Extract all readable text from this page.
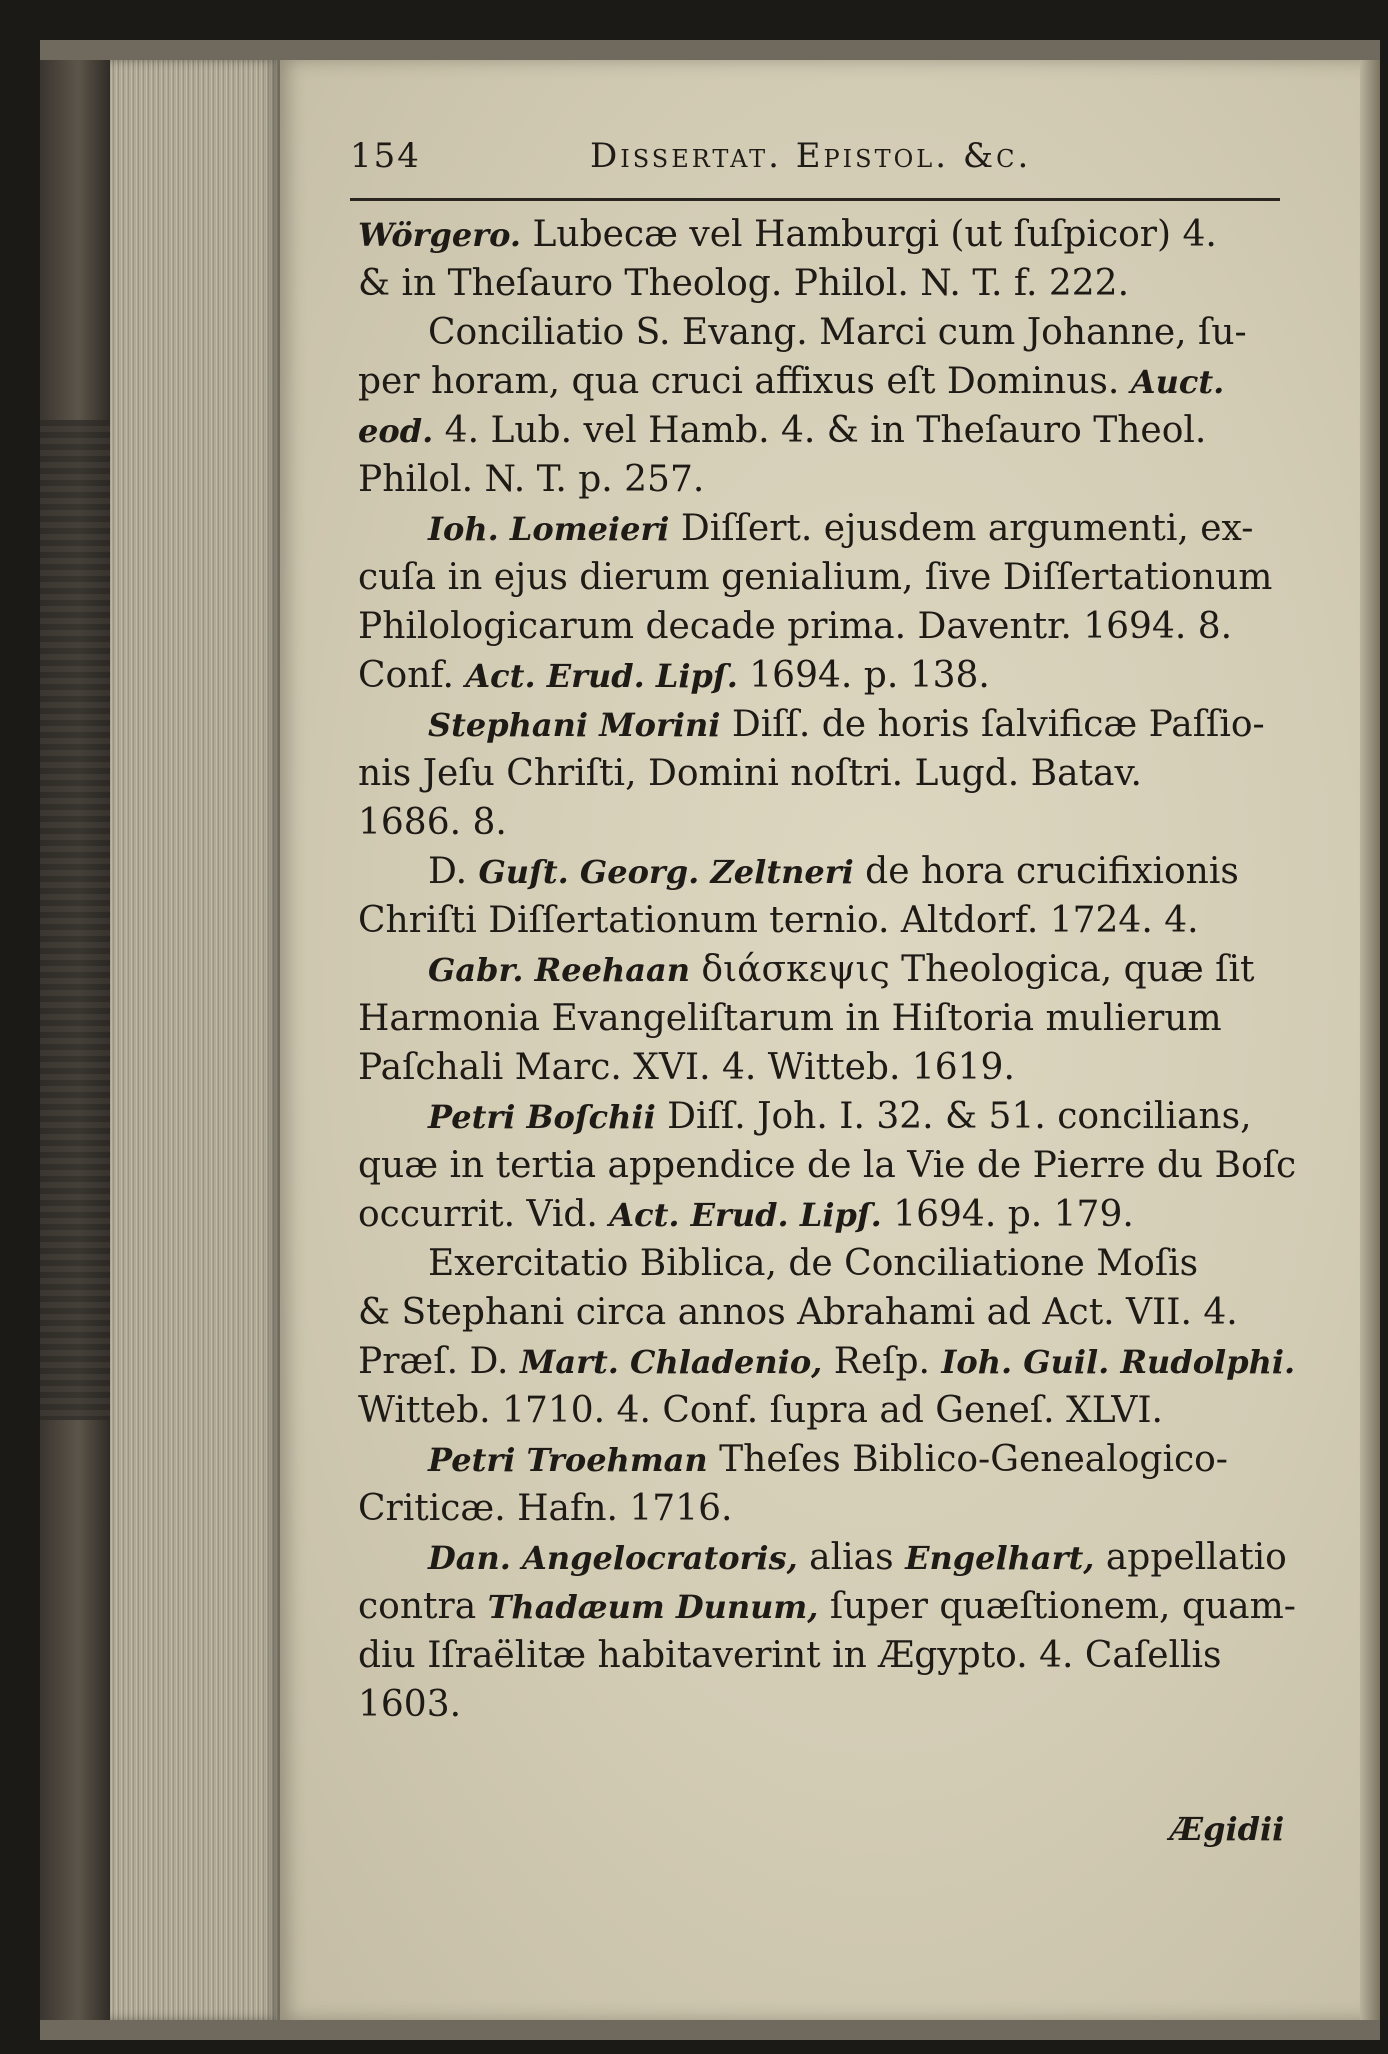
154	Dissertat. Epistol. &c.
Wörgero. Lubecæ vel Hamburgi (ut ſuſpicor) 4.
& in Theſauro Theolog. Philol. N. T. f. 222.
Conciliatio S. Evang. Marci cum Johanne, ſu-
per horam, qua cruci affixus eſt Dominus. Auct.
eod. 4. Lub. vel Hamb. 4. & in Theſauro Theol.
Philol. N. T. p. 257.
Ioh. Lomeieri Diſſert. ejusdem argumenti, ex-
cuſa in ejus dierum genialium, ſive Diſſertationum
Philologicarum decade prima. Daventr. 1694. 8.
Conf. Act. Erud. Lipſ. 1694. p. 138.
Stephani Morini Diſſ. de horis ſalvificæ Paſſio-
nis Jeſu Chriſti, Domini noſtri. Lugd. Batav.
1686. 8.
D. Guſt. Georg. Zeltneri de hora crucifixionis
Chriſti Diſſertationum ternio. Altdorf. 1724. 4.
Gabr. Reehaan διάσκεψις Theologica, quæ ſit
Harmonia Evangeliſtarum in Hiſtoria mulierum
Paſchali Marc. XVI. 4. Witteb. 1619.
Petri Boſchii Diſſ. Joh. I. 32. & 51. concilians,
quæ in tertia appendice de la Vie de Pierre du Boſc
occurrit. Vid. Act. Erud. Lipſ. 1694. p. 179.
Exercitatio Biblica, de Conciliatione Moſis
& Stephani circa annos Abrahami ad Act. VII. 4.
Præſ. D. Mart. Chladenio, Reſp. Ioh. Guil. Rudolphi.
Witteb. 1710. 4. Conf. ſupra ad Geneſ. XLVI.
Petri Troehman Theſes Biblico-Genealogico-
Criticæ. Hafn. 1716.
Dan. Angelocratoris, alias Engelhart, appellatio
contra Thadæum Dunum, ſuper quæſtionem, quam-
diu Iſraëlitæ habitaverint in Ægypto. 4. Caſellis
1603.
Ægidii
